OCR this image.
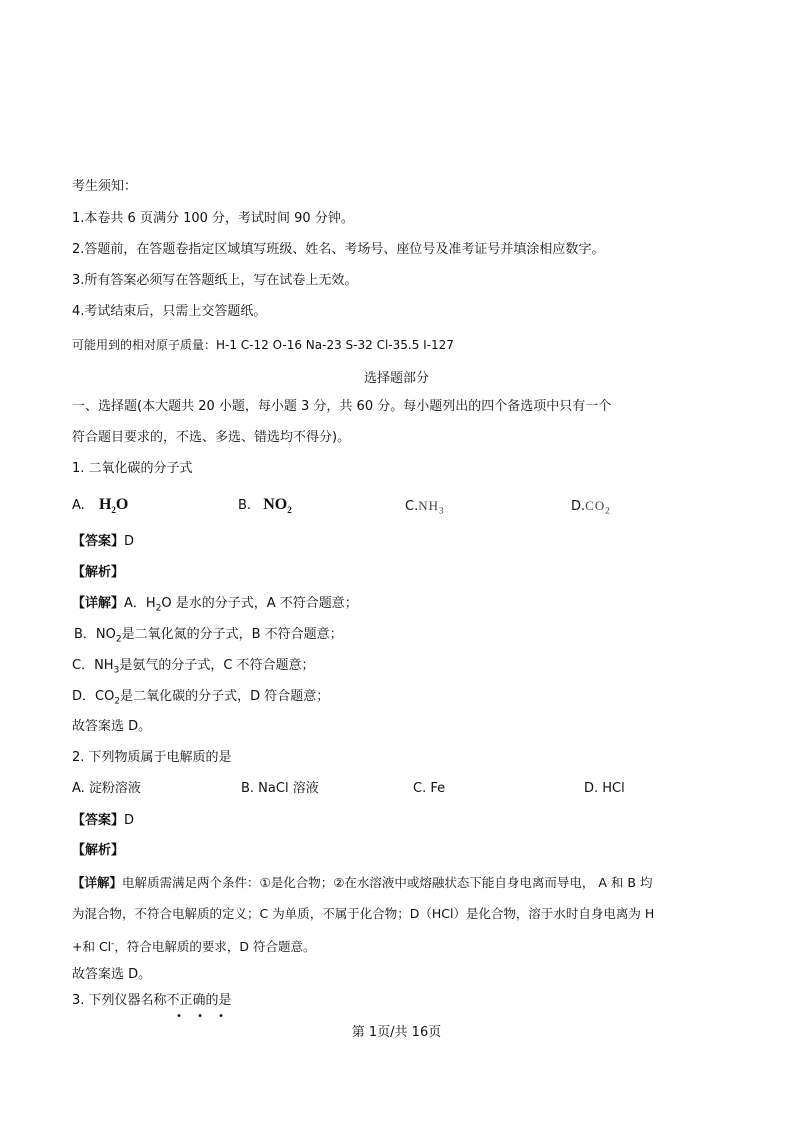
考生须知：
1.本卷共 6 页满分 100 分，考试时间 90 分钟。
2.答题前，在答题卷指定区域填写班级、姓名、考场号、座位号及准考证号并填涂相应数字。
3.所有答案必须写在答题纸上，写在试卷上无效。
4.考试结束后，只需上交答题纸。
可能用到的相对原子质量：H-1 C-12 O-16 Na-23 S-32 Cl-35.5 I-127
选择题部分
一、选择题(本大题共 20 小题，每小题 3 分，共 60 分。每小题列出的四个备选项中只有一个
符合题目要求的，不选、多选、错选均不得分)。
1. 二氧化碳的分子式
A. $H_2O$	B. $NO_2$	$C.NH_3$	$D.CO_2$
【答案】D
【解析】
【详解】A．$H_2O$ 是水的分子式，A 不符合题意；
B．$NO_2$是二氧化氮的分子式，B 不符合题意；
C．$NH_3$是氨气的分子式，C 不符合题意；
D．$CO_2$是二氧化碳的分子式，D 符合题意；
故答案选 D。
2. 下列物质属于电解质的是
A. 淀粉溶液	B. NaCl 溶液	C. Fe	D. HCl
【答案】D
【解析】
【详解】电解质需满足两个条件：①是化合物；②在水溶液中或熔融状态下能自身电离而导电， A 和 B 均
为混合物，不符合电解质的定义；C 为单质，不属于化合物；D（HCl）是化合物，溶于水时自身电离为 H
+和 Cl-，符合电解质的要求，D 符合题意。
故答案选 D。
3. 下列仪器名称不正确的是
• • •
第 1页/共 16页
